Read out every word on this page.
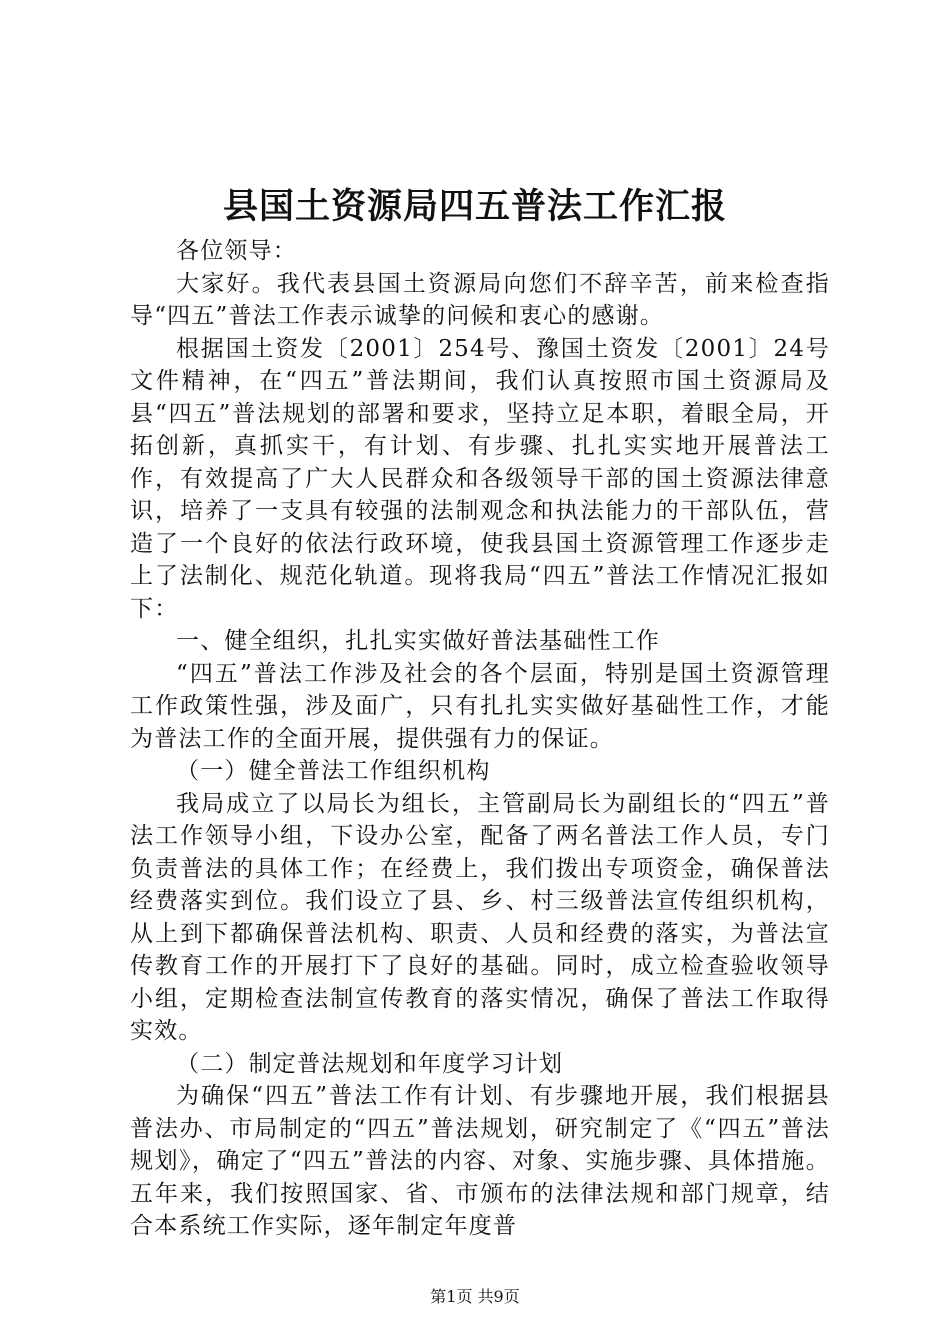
县国土资源局四五普法工作汇报

各位领导：

大家好。我代表县国土资源局向您们不辞辛苦，前来检查指导“四五”普法工作表示诚挚的问候和衷心的感谢。

根据国土资发〔2001〕254号、豫国土资发〔2001〕24号文件精神，在“四五”普法期间，我们认真按照市国土资源局及县“四五”普法规划的部署和要求，坚持立足本职，着眼全局，开拓创新，真抓实干，有计划、有步骤、扎扎实实地开展普法工作，有效提高了广大人民群众和各级领导干部的国土资源法律意识，培养了一支具有较强的法制观念和执法能力的干部队伍，营造了一个良好的依法行政环境，使我县国土资源管理工作逐步走上了法制化、规范化轨道。现将我局“四五”普法工作情况汇报如下：

一、健全组织，扎扎实实做好普法基础性工作

“四五”普法工作涉及社会的各个层面，特别是国土资源管理工作政策性强，涉及面广，只有扎扎实实做好基础性工作，才能为普法工作的全面开展，提供强有力的保证。

（一）健全普法工作组织机构

我局成立了以局长为组长，主管副局长为副组长的“四五”普法工作领导小组，下设办公室，配备了两名普法工作人员，专门负责普法的具体工作；在经费上，我们拨出专项资金，确保普法经费落实到位。我们设立了县、乡、村三级普法宣传组织机构，从上到下都确保普法机构、职责、人员和经费的落实，为普法宣传教育工作的开展打下了良好的基础。同时，成立检查验收领导小组，定期检查法制宣传教育的落实情况，确保了普法工作取得实效。

（二）制定普法规划和年度学习计划

为确保“四五”普法工作有计划、有步骤地开展，我们根据县普法办、市局制定的“四五”普法规划，研究制定了《“四五”普法规划》，确定了“四五”普法的内容、对象、实施步骤、具体措施。五年来，我们按照国家、省、市颁布的法律法规和部门规章，结合本系统工作实际，逐年制定年度普

第1页 共9页
